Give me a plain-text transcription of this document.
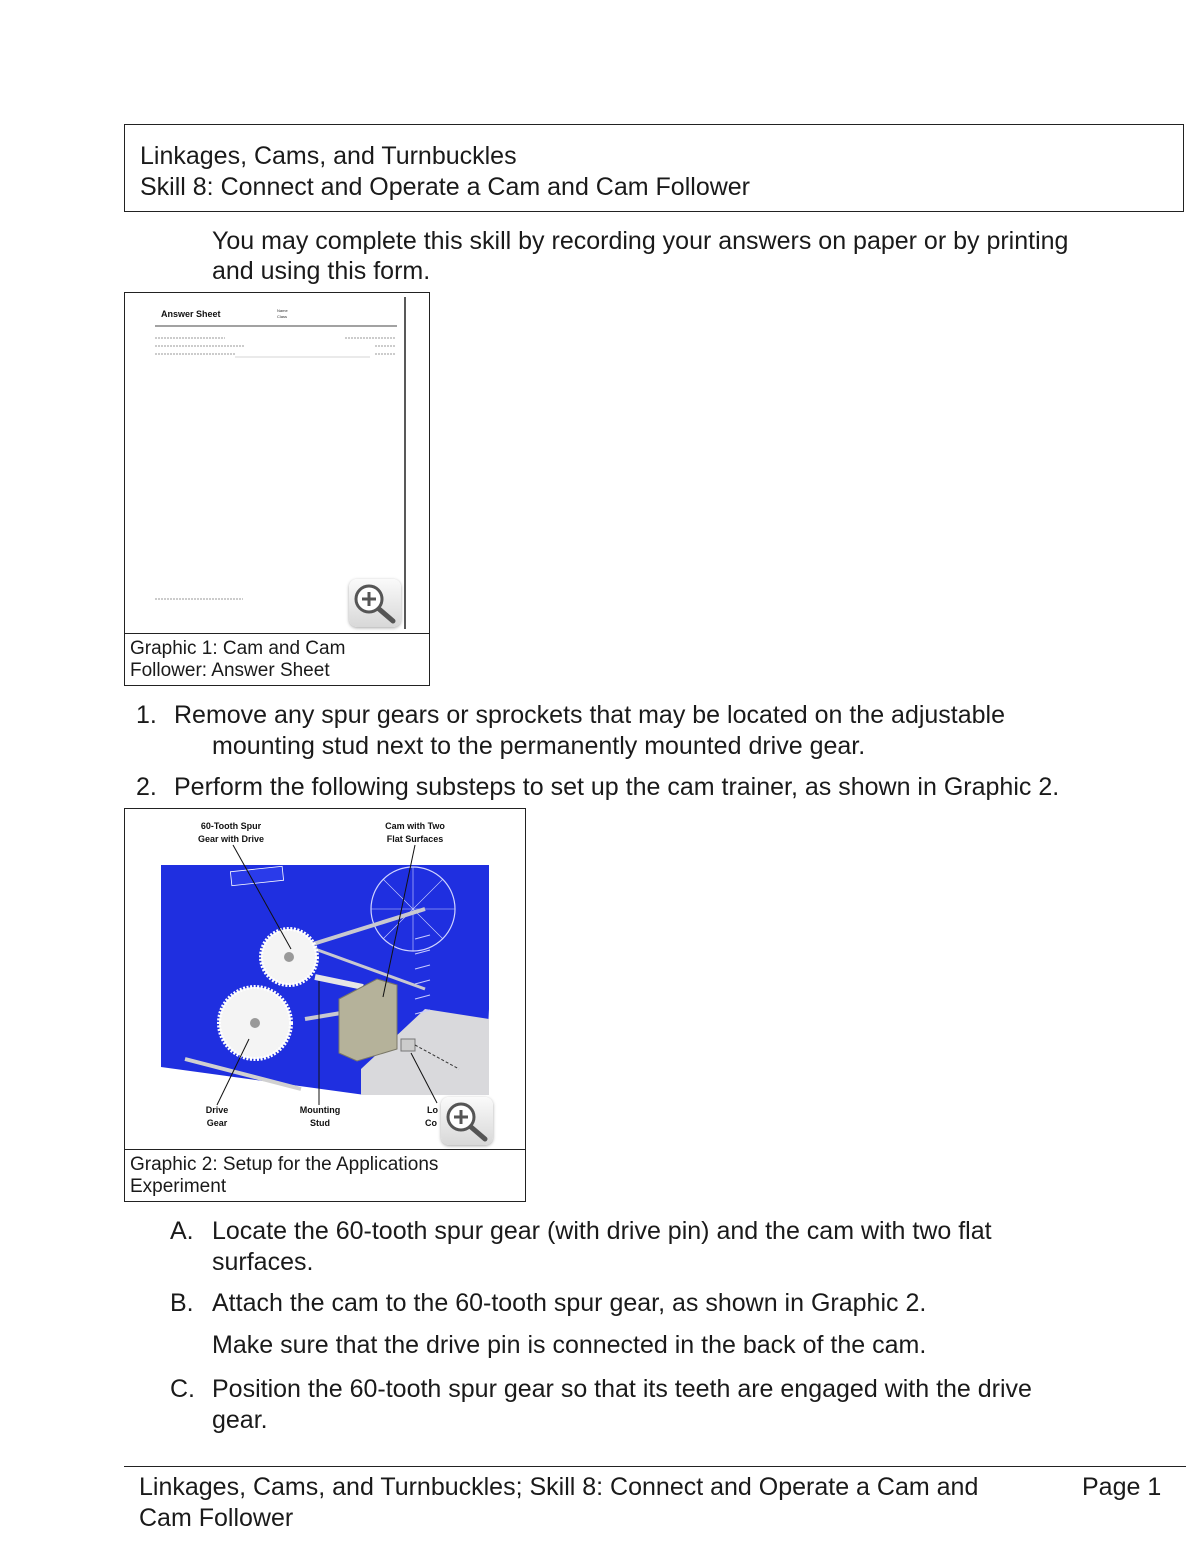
Linkages, Cams, and Turnbuckles
Skill 8: Connect and Operate a Cam and Cam Follower
You may complete this skill by recording your answers on paper or by printing
and using this form.
Answer Sheet	Name
Class
Graphic 1: Cam and Cam
Follower: Answer Sheet
1. Remove any spur gears or sprockets that may be located on the adjustable
mounting stud next to the permanently mounted drive gear.
2. Perform the following substeps to set up the cam trainer, as shown in Graphic 2.
60-Tooth Spur
Gear with Drive
Cam with Two
Flat Surfaces
Drive
Gear
Mounting
Stud
Lo
Co
Graphic 2: Setup for the Applications
Experiment
A. Locate the 60-tooth spur gear (with drive pin) and the cam with two flat
surfaces.
B. Attach the cam to the 60-tooth spur gear, as shown in Graphic 2.
Make sure that the drive pin is connected in the back of the cam.
C. Position the 60-tooth spur gear so that its teeth are engaged with the drive
gear.
Linkages, Cams, and Turnbuckles; Skill 8: Connect and Operate a Cam and
Cam Follower
Page 1
